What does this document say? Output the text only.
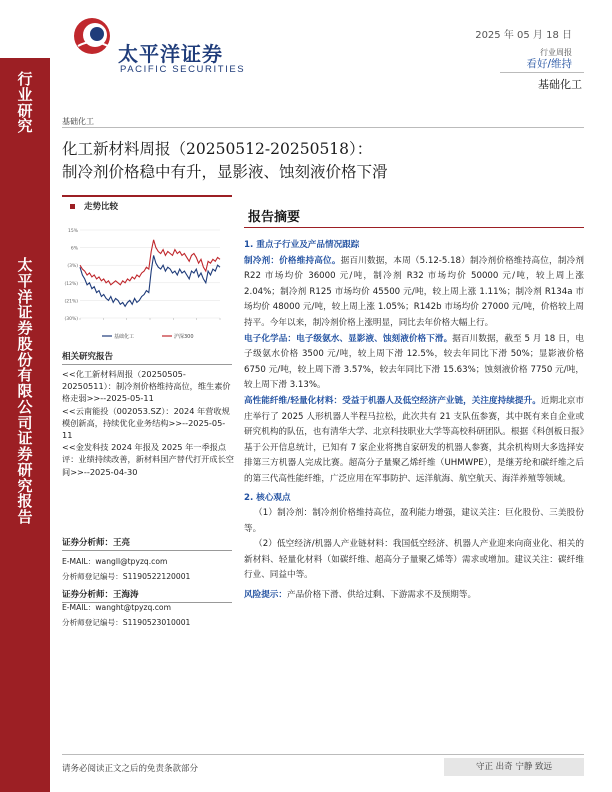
行
业
研
究
太
平
洋
证
券
股
份
有
限
公
司
证
券
研
究
报
告
太平洋证券
PACIFIC SECURITIES
2025 年 05 月 18 日
行业周报
看好/维持
基础化工
基础化工
化工新材料周报（20250512-20250518）：
制冷剂价格稳中有升，显影液、蚀刻液价格下滑
走势比较
15%
6%
(3%)
(12%)
(21%)
(30%)
基础化工	沪深300
相关研究报告
<<化工新材料周报（20250505-20250511）：制冷剂价格维持高位，维生素价格走弱>>--2025-05-11
<<云南能投（002053.SZ）：2024 年营收规模创新高，持续优化业务结构>>--2025-05-11
<<金发科技 2024 年报及 2025 年一季报点评：业绩持续改善，新材料国产替代打开成长空间>>--2025-04-30
证券分析师：王亮
E-MAIL：wangll@tpyzq.com
分析师登记编号：S1190522120001
证券分析师：王海涛
E-MAIL：wanght@tpyzq.com
分析师登记编号：S1190523010001
报告摘要

1. 重点子行业及产品情况跟踪

制冷剂：价格维持高位。据百川数据，本周（5.12-5.18）制冷剂价格维持高位，制冷剂 R22 市场均价 36000 元/吨，制冷剂 R32 市场均价 50000 元/吨，较上周上涨 2.04%；制冷剂 R125 市场均价 45500 元/吨，较上周上涨 1.11%；制冷剂 R134a 市场均价 48000 元/吨，较上周上涨 1.05%；R142b 市场均价 27000 元/吨，价格较上周持平。今年以来，制冷剂价格上涨明显，同比去年价格大幅上行。

电子化学品：电子级氨水、显影液、蚀刻液价格下滑。据百川数据，截至 5 月 18 日，电子级氨水价格 3500 元/吨，较上周下滑 12.5%，较去年同比下滑 50%；显影液价格 6750 元/吨，较上周下滑 3.57%，较去年同比下滑 15.63%；蚀刻液价格 7750 元/吨，较上周下滑 3.13%。

高性能纤维/轻量化材料：受益于机器人及低空经济产业链，关注度持续提升。近期北京市庄举行了 2025 人形机器人半程马拉松，此次共有 21 支队伍参赛，其中既有来自企业或研究机构的队伍，也有清华大学、北京科技职业大学等高校科研团队。根据《科创板日报》基于公开信息统计，已知有 7 家企业将携自家研发的机器人参赛，其余机构则大多选择安排第三方机器人完成比赛。超高分子量聚乙烯纤维（UHMWPE），是继芳纶和碳纤维之后的第三代高性能纤维，广泛应用在军事防护、远洋航海、航空航天、海洋养殖等领域。

2. 核心观点

（1）制冷剂：制冷剂价格维持高位，盈利能力增强，建议关注：巨化股份、三美股份等。

（2）低空经济/机器人产业链材料：我国低空经济、机器人产业迎来向商业化、相关的新材料、轻量化材料（如碳纤维、超高分子量聚乙烯等）需求或增加。建议关注：碳纤维行业、同益中等。

风险提示：产品价格下滑、供给过剩、下游需求不及预期等。

请务必阅读正文之后的免责条款部分	守正 出奇 宁静 致远
